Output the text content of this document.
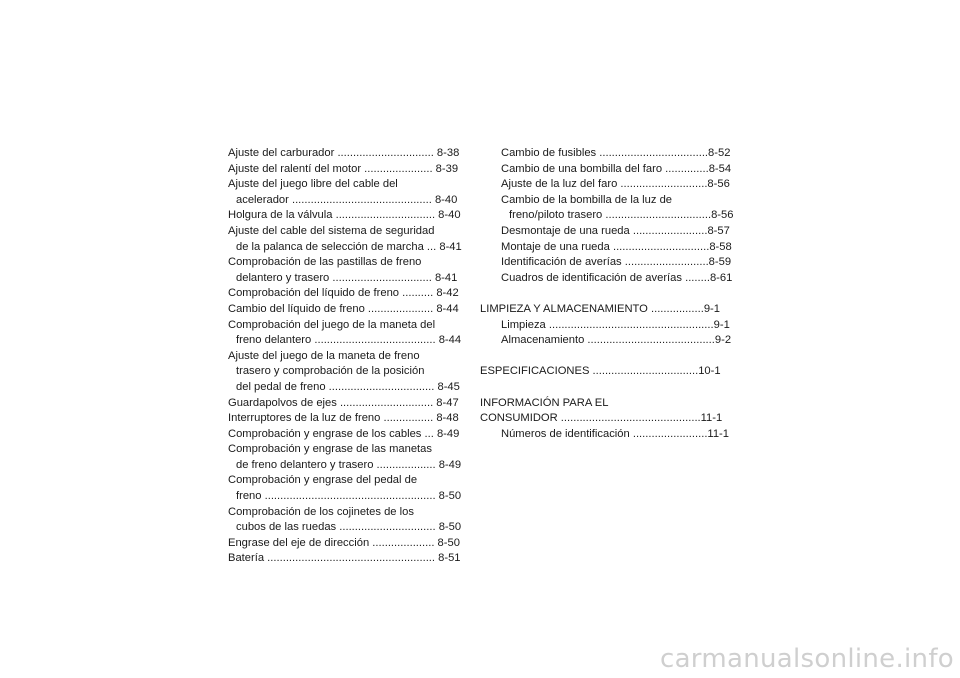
Ajuste del carburador ............................... 8-38
Ajuste del ralentí del motor ...................... 8-39
Ajuste del juego libre del cable del
acelerador ............................................. 8-40
Holgura de la válvula ................................ 8-40
Ajuste del cable del sistema de seguridad
de la palanca de selección de marcha ... 8-41
Comprobación de las pastillas de freno
delantero y trasero ................................ 8-41
Comprobación del líquido de freno .......... 8-42
Cambio del líquido de freno ..................... 8-44
Comprobación del juego de la maneta del
freno delantero ....................................... 8-44
Ajuste del juego de la maneta de freno
trasero y comprobación de la posición
del pedal de freno .................................. 8-45
Guardapolvos de ejes .............................. 8-47
Interruptores de la luz de freno ................ 8-48
Comprobación y engrase de los cables ... 8-49
Comprobación y engrase de las manetas
de freno delantero y trasero ................... 8-49
Comprobación y engrase del pedal de
freno ....................................................... 8-50
Comprobación de los cojinetes de los
cubos de las ruedas ............................... 8-50
Engrase del eje de dirección .................... 8-50
Batería ...................................................... 8-51
Cambio de fusibles ...................................8-52
Cambio de una bombilla del faro ..............8-54
Ajuste de la luz del faro ............................8-56
Cambio de la bombilla de la luz de
freno/piloto trasero ..................................8-56
Desmontaje de una rueda ........................8-57
Montaje de una rueda ...............................8-58
Identificación de averías ...........................8-59
Cuadros de identificación de averías ........8-61
LIMPIEZA Y ALMACENAMIENTO .................9-1
Limpieza .....................................................9-1
Almacenamiento .........................................9-2
ESPECIFICACIONES ..................................10-1
INFORMACIÓN PARA EL
CONSUMIDOR .............................................11-1
Números de identificación ........................11-1
carmanualsonline.info
